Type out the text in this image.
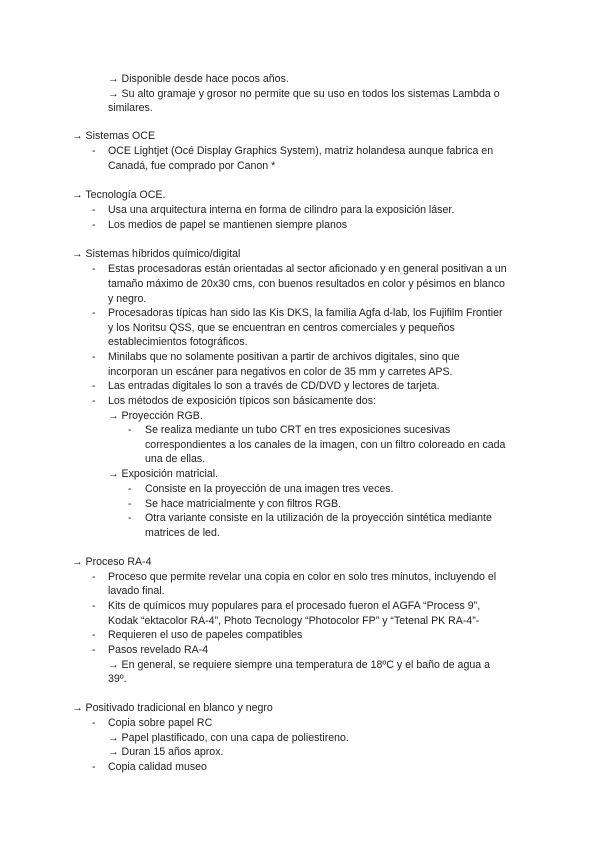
→ Disponible desde hace pocos años.
→ Su alto gramaje y grosor no permite que su uso en todos los sistemas Lambda o
similares.
→ Sistemas OCE
- OCE Lightjet (Océ Display Graphics System), matriz holandesa aunque fabrica en
Canadá, fue comprado por Canon *
→ Tecnología OCE.
- Usa una arquitectura interna en forma de cilindro para la exposición láser.
- Los medios de papel se mantienen siempre planos
→ Sistemas híbridos químico/digital
- Estas procesadoras están orientadas al sector aficionado y en general positivan a un
tamaño máximo de 20x30 cms, con buenos resultados en color y pésimos en blanco
y negro.
- Procesadoras típicas han sido las Kis DKS, la familia Agfa d-lab, los Fujifilm Frontier
y los Noritsu QSS, que se encuentran en centros comerciales y pequeños
establecimientos fotográficos.
- Minilabs que no solamente positivan a partir de archivos digitales, sino que
incorporan un escáner para negativos en color de 35 mm y carretes APS.
- Las entradas digitales lo son a través de CD/DVD y lectores de tarjeta.
- Los métodos de exposición típicos son básicamente dos:
→ Proyección RGB.
- Se realiza mediante un tubo CRT en tres exposiciones sucesivas
correspondientes a los canales de la imagen, con un filtro coloreado en cada
una de ellas.
→ Exposición matricial.
- Consiste en la proyección de una imagen tres veces.
- Se hace matricialmente y con filtros RGB.
- Otra variante consiste en la utilización de la proyección sintética mediante
matrices de led.
→ Proceso RA-4
- Proceso que permite revelar una copia en color en solo tres minutos, incluyendo el
lavado final.
- Kits de químicos muy populares para el procesado fueron el AGFA “Process 9”,
Kodak “ektacolor RA-4”, Photo Tecnology “Photocolor FP” y “Tetenal PK RA-4”-
- Requieren el uso de papeles compatibles
- Pasos revelado RA-4
→ En general, se requiere siempre una temperatura de 18ºC y el baño de agua a
39º.
→ Positivado tradicional en blanco y negro
- Copia sobre papel RC
→ Papel plastificado, con una capa de poliestireno.
→ Duran 15 años aprox.
- Copia calidad museo
